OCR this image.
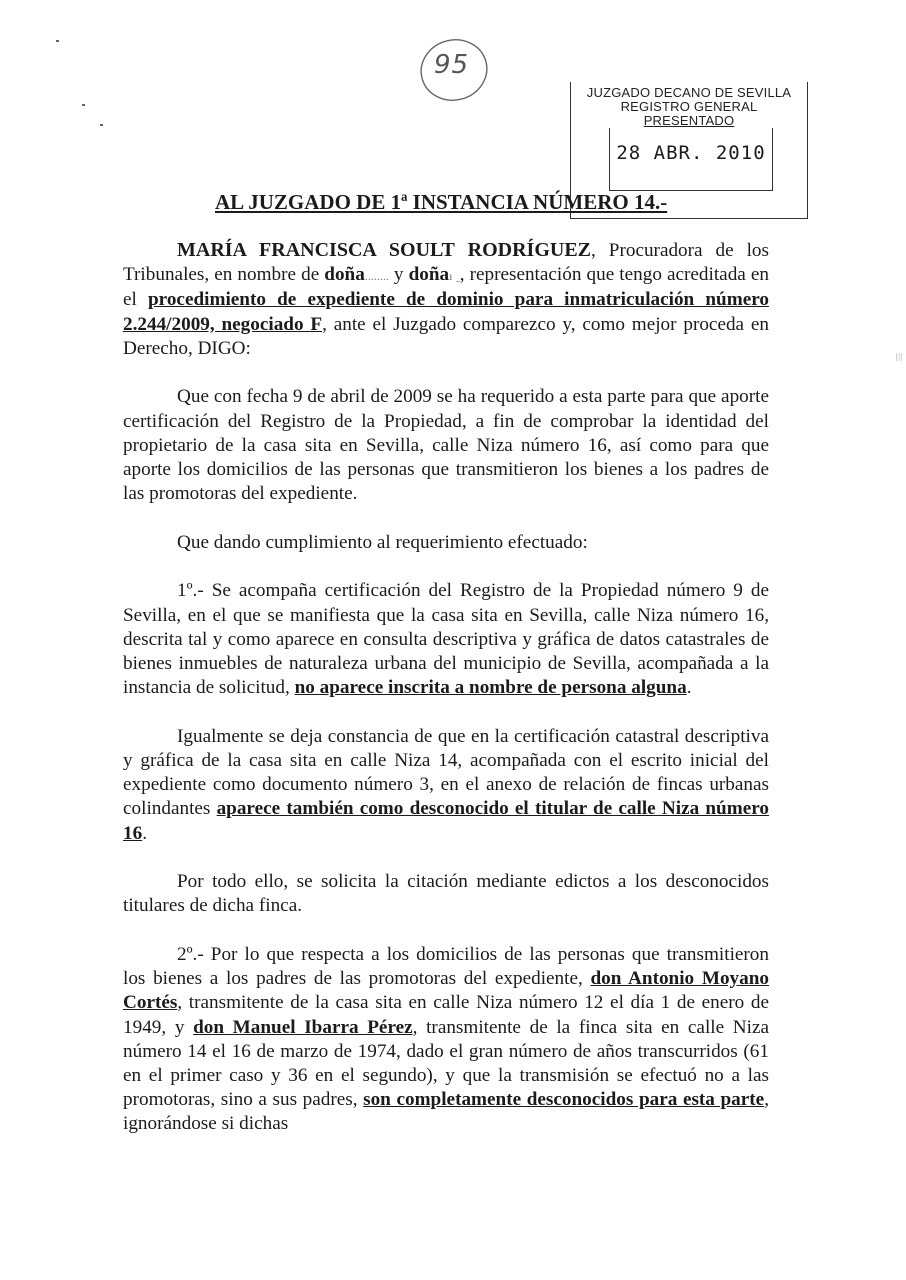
95
JUZGADO DECANO DE SEVILLA
REGISTRO GENERAL
PRESENTADO
28 ABR. 2010
AL JUZGADO DE 1ª INSTANCIA NÚMERO 14.-

MARÍA FRANCISCA SOULT RODRÍGUEZ, Procuradora de los Tribunales, en nombre de doña........ y doñaı ˍ, representación que tengo acreditada en el procedimiento de expediente de dominio para inmatriculación número 2.244/2009, negociado F, ante el Juzgado comparezco y, como mejor proceda en Derecho, DIGO:

Que con fecha 9 de abril de 2009 se ha requerido a esta parte para que aporte certificación del Registro de la Propiedad, a fin de comprobar la identidad del propietario de la casa sita en Sevilla, calle Niza número 16, así como para que aporte los domicilios de las personas que transmitieron los bienes a los padres de las promotoras del expediente.

Que dando cumplimiento al requerimiento efectuado:

1º.- Se acompaña certificación del Registro de la Propiedad número 9 de Sevilla, en el que se manifiesta que la casa sita en Sevilla, calle Niza número 16, descrita tal y como aparece en consulta descriptiva y gráfica de datos catastrales de bienes inmuebles de naturaleza urbana del municipio de Sevilla, acompañada a la instancia de solicitud, no aparece inscrita a nombre de persona alguna.

Igualmente se deja constancia de que en la certificación catastral descriptiva y gráfica de la casa sita en calle Niza 14, acompañada con el escrito inicial del expediente como documento número 3, en el anexo de relación de fincas urbanas colindantes aparece también como desconocido el titular de calle Niza número 16.

Por todo ello, se solicita la citación mediante edictos a los desconocidos titulares de dicha finca.

2º.- Por lo que respecta a los domicilios de las personas que transmitieron los bienes a los padres de las promotoras del expediente, don Antonio Moyano Cortés, transmitente de la casa sita en calle Niza número 12 el día 1 de enero de 1949, y don Manuel Ibarra Pérez, transmitente de la finca sita en calle Niza número 14 el 16 de marzo de 1974, dado el gran número de años transcurridos (61 en el primer caso y 36 en el segundo), y que la transmisión se efectuó no a las promotoras, sino a sus padres, son completamente desconocidos para esta parte, ignorándose si dichas

|||
